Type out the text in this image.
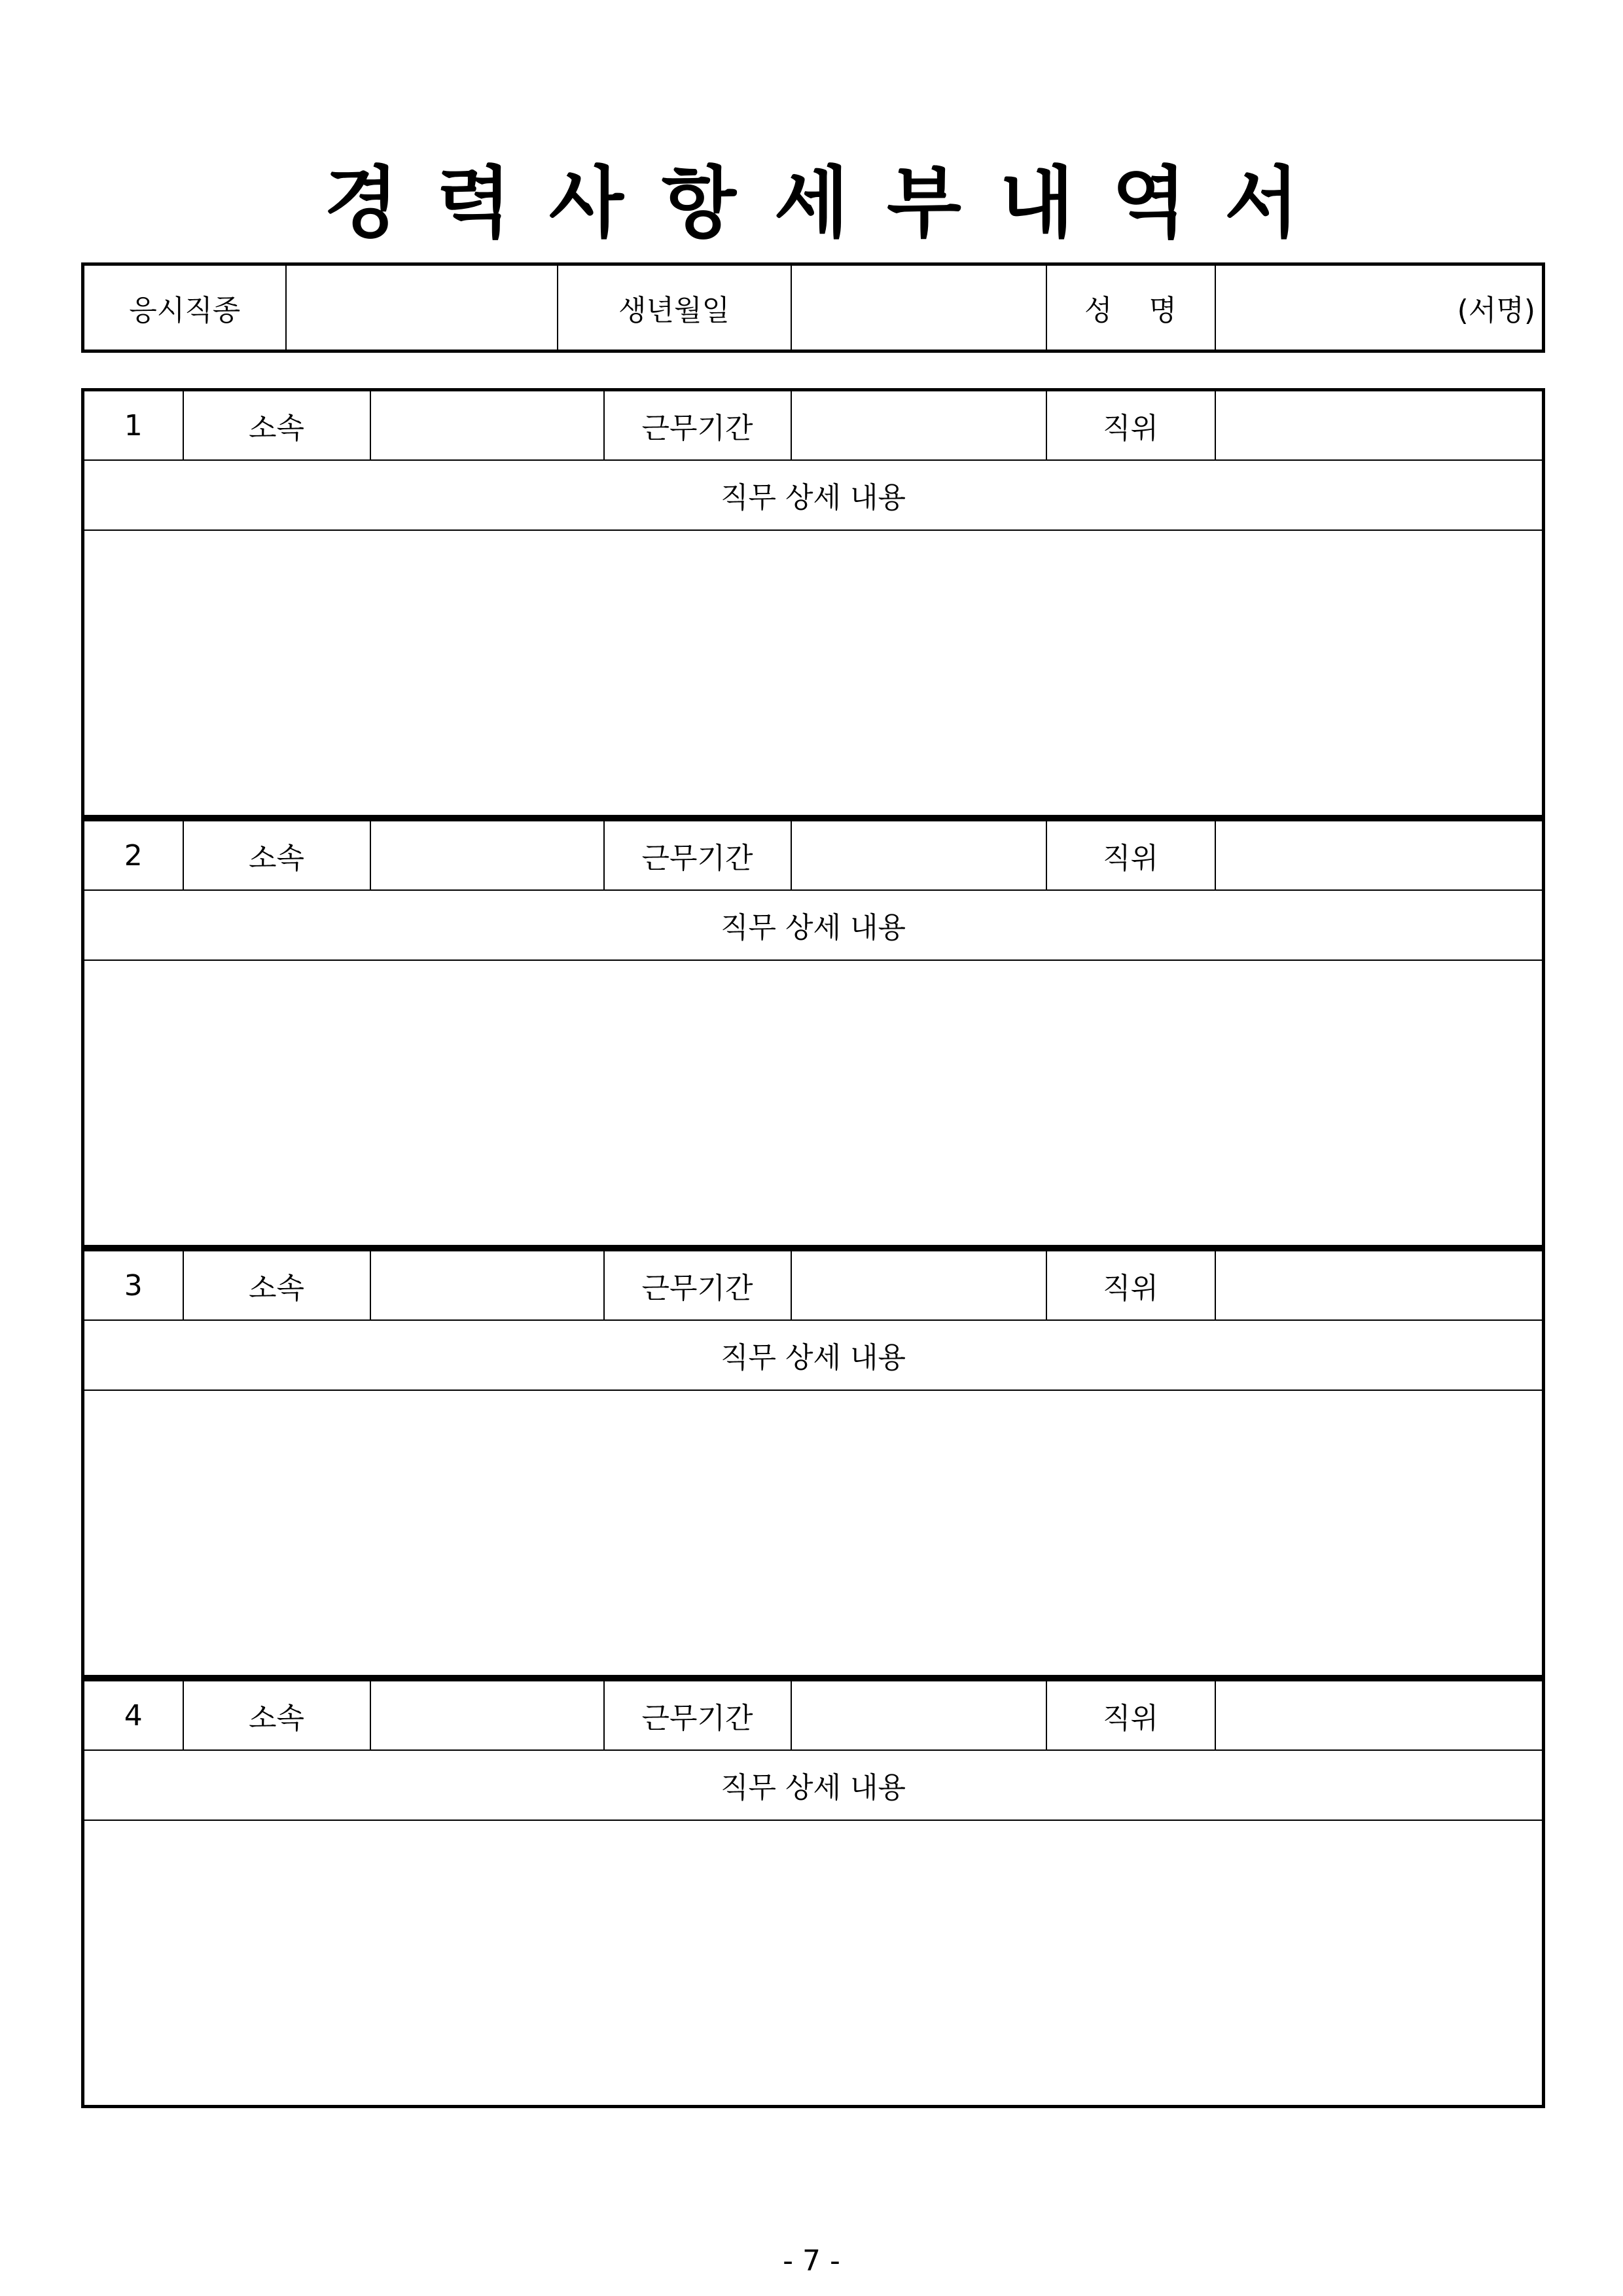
경력사항세부내역서
응시직종		생년월일		성    명	(서명)
1	소속		근무기간		직위	
직무 상세 내용

2	소속		근무기간		직위	
직무 상세 내용

3	소속		근무기간		직위	
직무 상세 내용

4	소속		근무기간		직위	
직무 상세 내용

- 7 -
